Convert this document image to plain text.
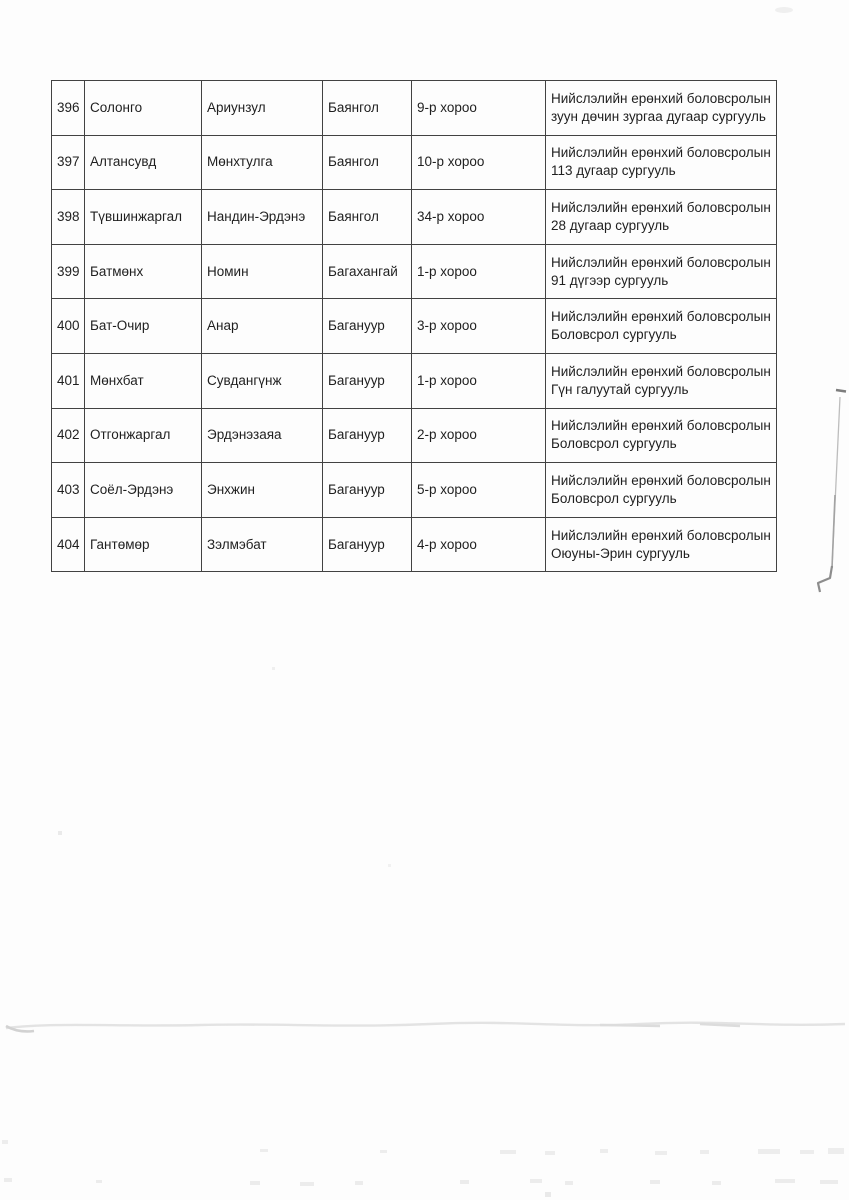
396	Солонго	Ариунзул	Баянгол	9-р хороо	Нийслэлийн ерөнхий боловсролын зуун дөчин зургаа дугаар сургууль
397	Алтансувд	Мөнхтулга	Баянгол	10-р хороо	Нийслэлийн ерөнхий боловсролын 113 дугаар сургууль
398	Түвшинжаргал	Нандин-Эрдэнэ	Баянгол	34-р хороо	Нийслэлийн ерөнхий боловсролын 28 дугаар сургууль
399	Батмөнх	Номин	Багахангай	1-р хороо	Нийслэлийн ерөнхий боловсролын 91 дүгээр сургууль
400	Бат-Очир	Анар	Багануур	3-р хороо	Нийслэлийн ерөнхий боловсролын Боловсрол сургууль
401	Мөнхбат	Сувдангүнж	Багануур	1-р хороо	Нийслэлийн ерөнхий боловсролын Гүн галуутай сургууль
402	Отгонжаргал	Эрдэнэзаяа	Багануур	2-р хороо	Нийслэлийн ерөнхий боловсролын Боловсрол сургууль
403	Соёл-Эрдэнэ	Энхжин	Багануур	5-р хороо	Нийслэлийн ерөнхий боловсролын Боловсрол сургууль
404	Гантөмөр	Зэлмэбат	Багануур	4-р хороо	Нийслэлийн ерөнхий боловсролын Оюуны-Эрин сургууль
